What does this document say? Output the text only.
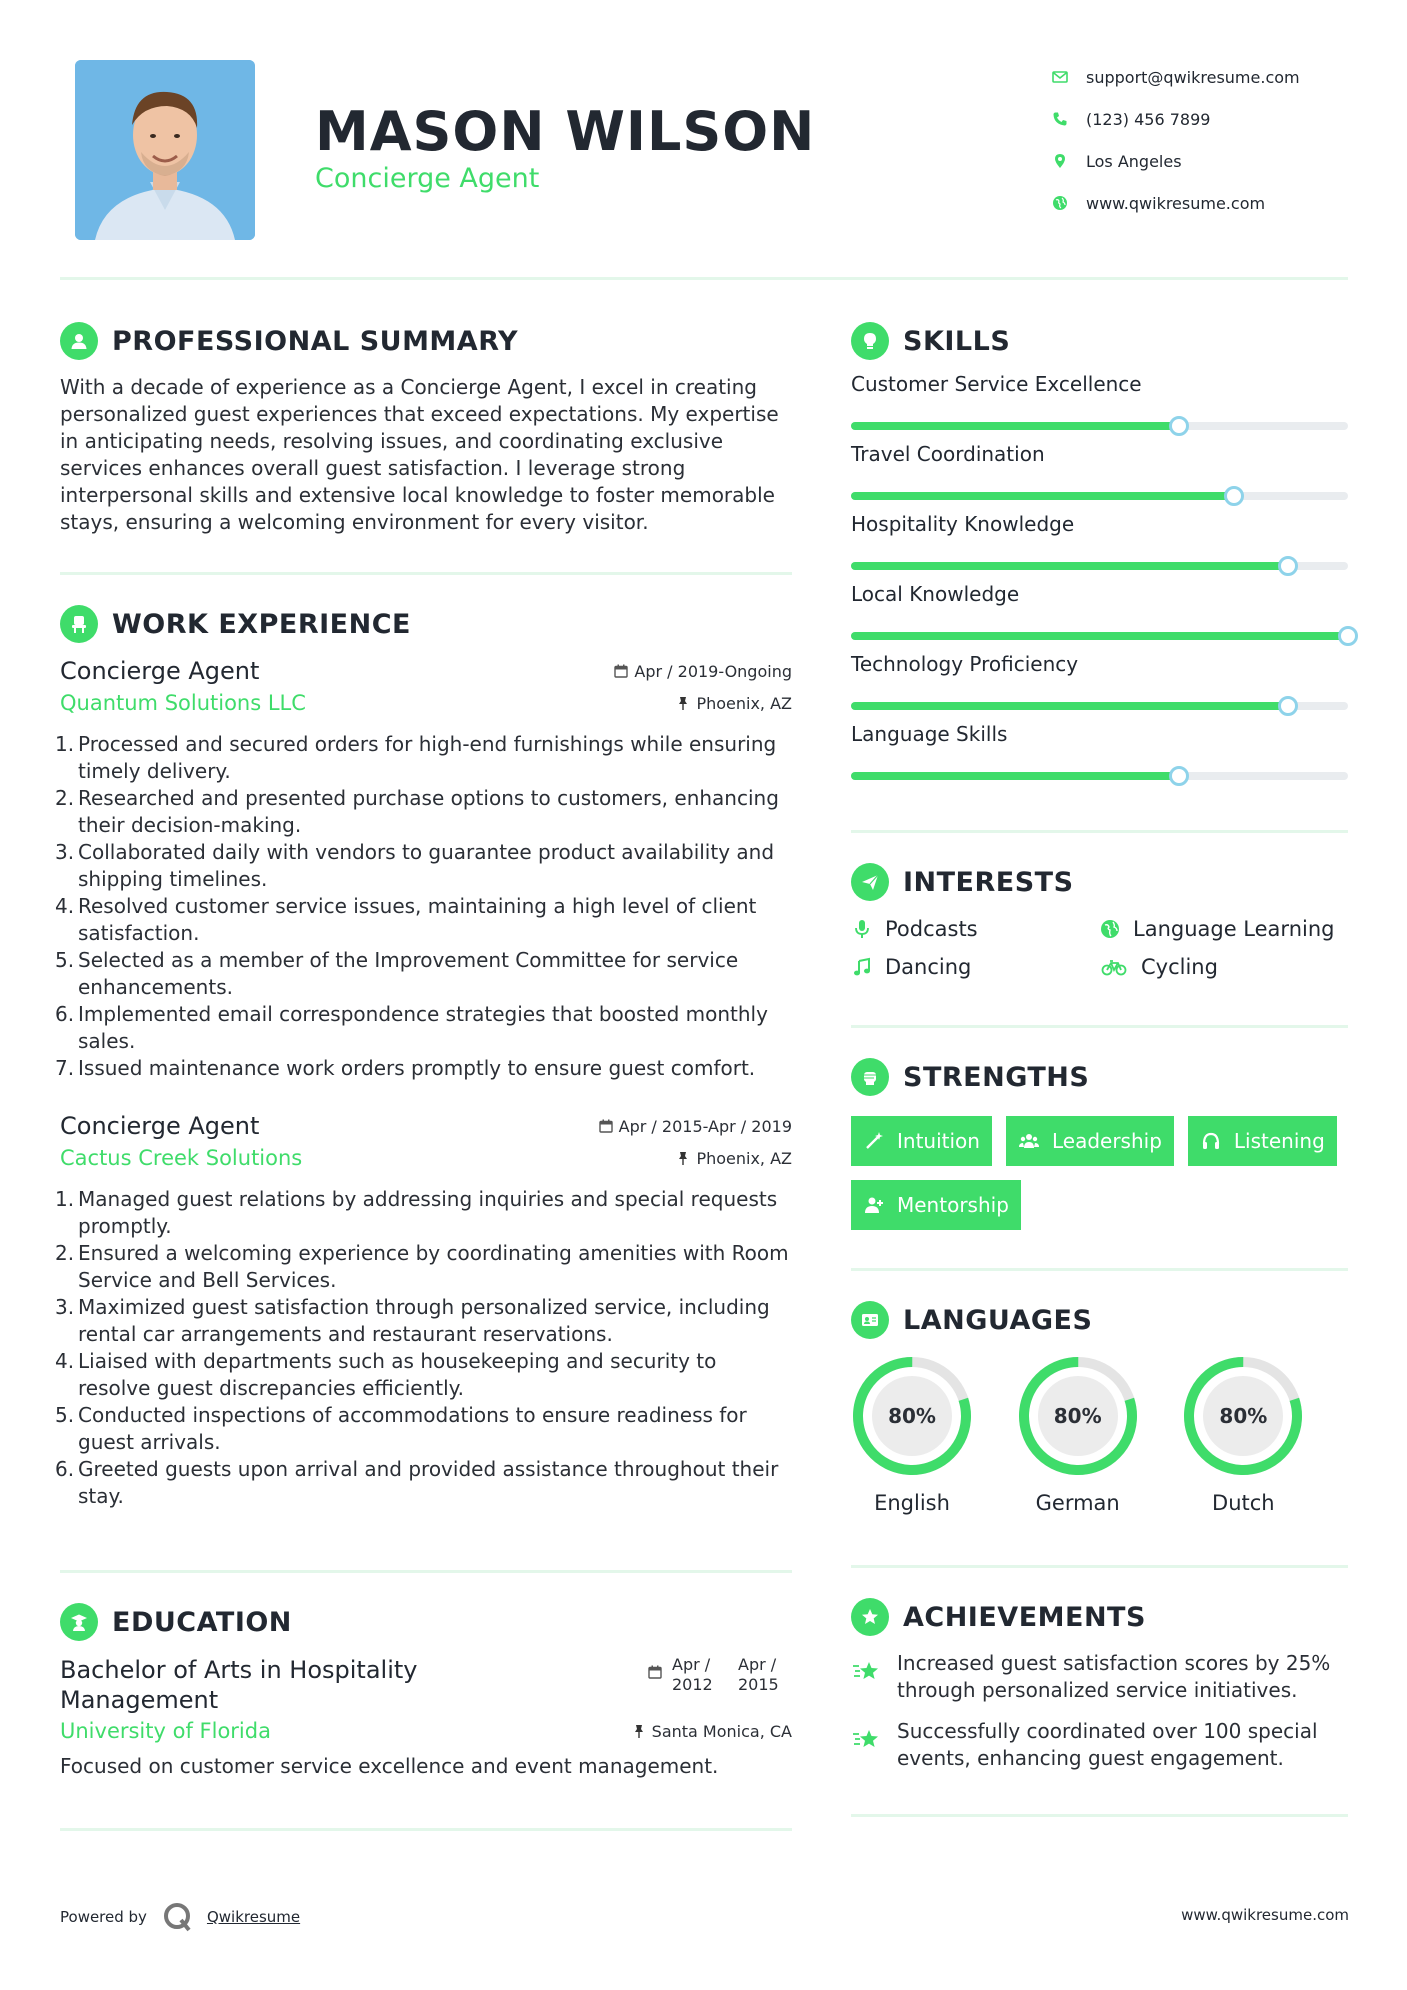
MASON WILSON
Concierge Agent
support@qwikresume.com
(123) 456 7899
Los Angeles
www.qwikresume.com
PROFESSIONAL SUMMARY

With a decade of experience as a Concierge Agent, I excel in creating personalized guest experiences that exceed expectations. My expertise in anticipating needs, resolving issues, and coordinating exclusive services enhances overall guest satisfaction. I leverage strong interpersonal skills and extensive local knowledge to foster memorable stays, ensuring a welcoming environment for every visitor.

WORK EXPERIENCE
Concierge Agent	Apr / 2019-Ongoing
Quantum Solutions LLC	Phoenix, AZ
1. Processed and secured orders for high-end furnishings while ensuring timely delivery.
2. Researched and presented purchase options to customers, enhancing their decision-making.
3. Collaborated daily with vendors to guarantee product availability and shipping timelines.
4. Resolved customer service issues, maintaining a high level of client satisfaction.
5. Selected as a member of the Improvement Committee for service enhancements.
6. Implemented email correspondence strategies that boosted monthly sales.
7. Issued maintenance work orders promptly to ensure guest comfort.
Concierge Agent	Apr / 2015-Apr / 2019
Cactus Creek Solutions	Phoenix, AZ
1. Managed guest relations by addressing inquiries and special requests promptly.
2. Ensured a welcoming experience by coordinating amenities with Room Service and Bell Services.
3. Maximized guest satisfaction through personalized service, including rental car arrangements and restaurant reservations.
4. Liaised with departments such as housekeeping and security to resolve guest discrepancies efficiently.
5. Conducted inspections of accommodations to ensure readiness for guest arrivals.
6. Greeted guests upon arrival and provided assistance throughout their stay.
EDUCATION
Bachelor of Arts in Hospitality Management
Apr / 2012
Apr / 2015
University of Florida	Santa Monica, CA

Focused on customer service excellence and event management.

SKILLS
Customer Service Excellence
Travel Coordination
Hospitality Knowledge
Local Knowledge
Technology Proficiency
Language Skills
INTERESTS
Podcasts	Language Learning
Dancing	Cycling
STRENGTHS
Intuition	Leadership	Listening
Mentorship
LANGUAGES
80%
English
80%
German
80%
Dutch
ACHIEVEMENTS
Increased guest satisfaction scores by 25% through personalized service initiatives.
Successfully coordinated over 100 special events, enhancing guest engagement.
Powered by	Qwikresume	www.qwikresume.com
